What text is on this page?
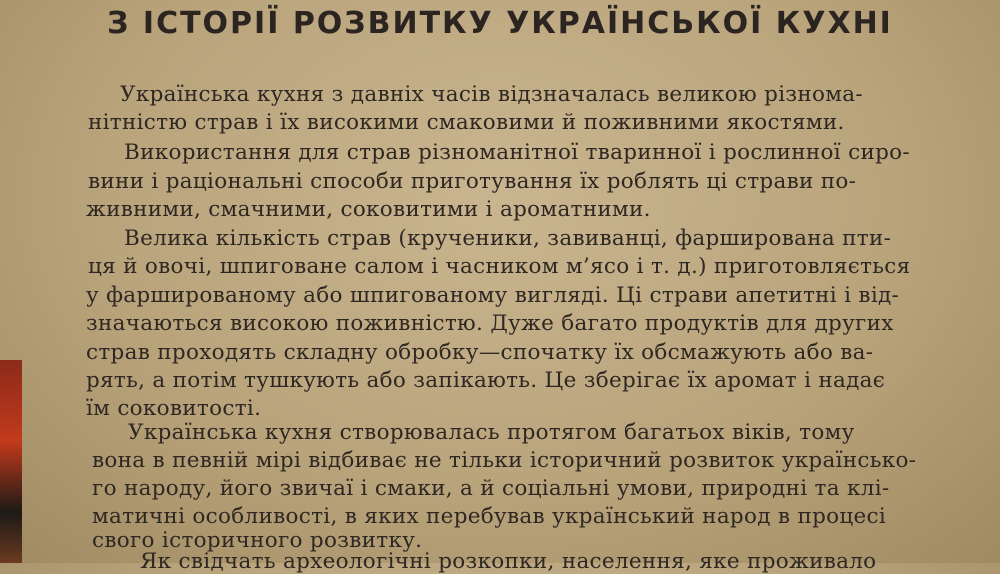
З ІСТОРІЇ РОЗВИТКУ УКРАЇНСЬКОЇ КУХНІ
Українська кухня з давніх часів відзначалась великою різнома-
нітністю страв і їх високими смаковими й поживними якостями.
Використання для страв різноманітної тваринної і рослинної сиро-
вини і раціональні способи приготування їх роблять ці страви по-
живними, смачними, соковитими і ароматними.
Велика кількість страв (крученики, завиванці, фарширована пти-
ця й овочі, шпиговане салом і часником м’ясо і т. д.) приготовляється
у фаршированому або шпигованому вигляді. Ці страви апетитні і від-
значаються високою поживністю. Дуже багато продуктів для других
страв проходять складну обробку—спочатку їх обсмажують або ва-
рять, а потім тушкують або запікають. Це зберігає їх аромат і надає
їм соковитості.
Українська кухня створювалась протягом багатьох віків, тому
вона в певній мірі відбиває не тільки історичний розвиток українсько-
го народу, його звичаї і смаки, а й соціальні умови, природні та клі-
матичні особливості, в яких перебував український народ в процесі
свого історичного розвитку.
Як свідчать археологічні розкопки, населення, яке проживало
